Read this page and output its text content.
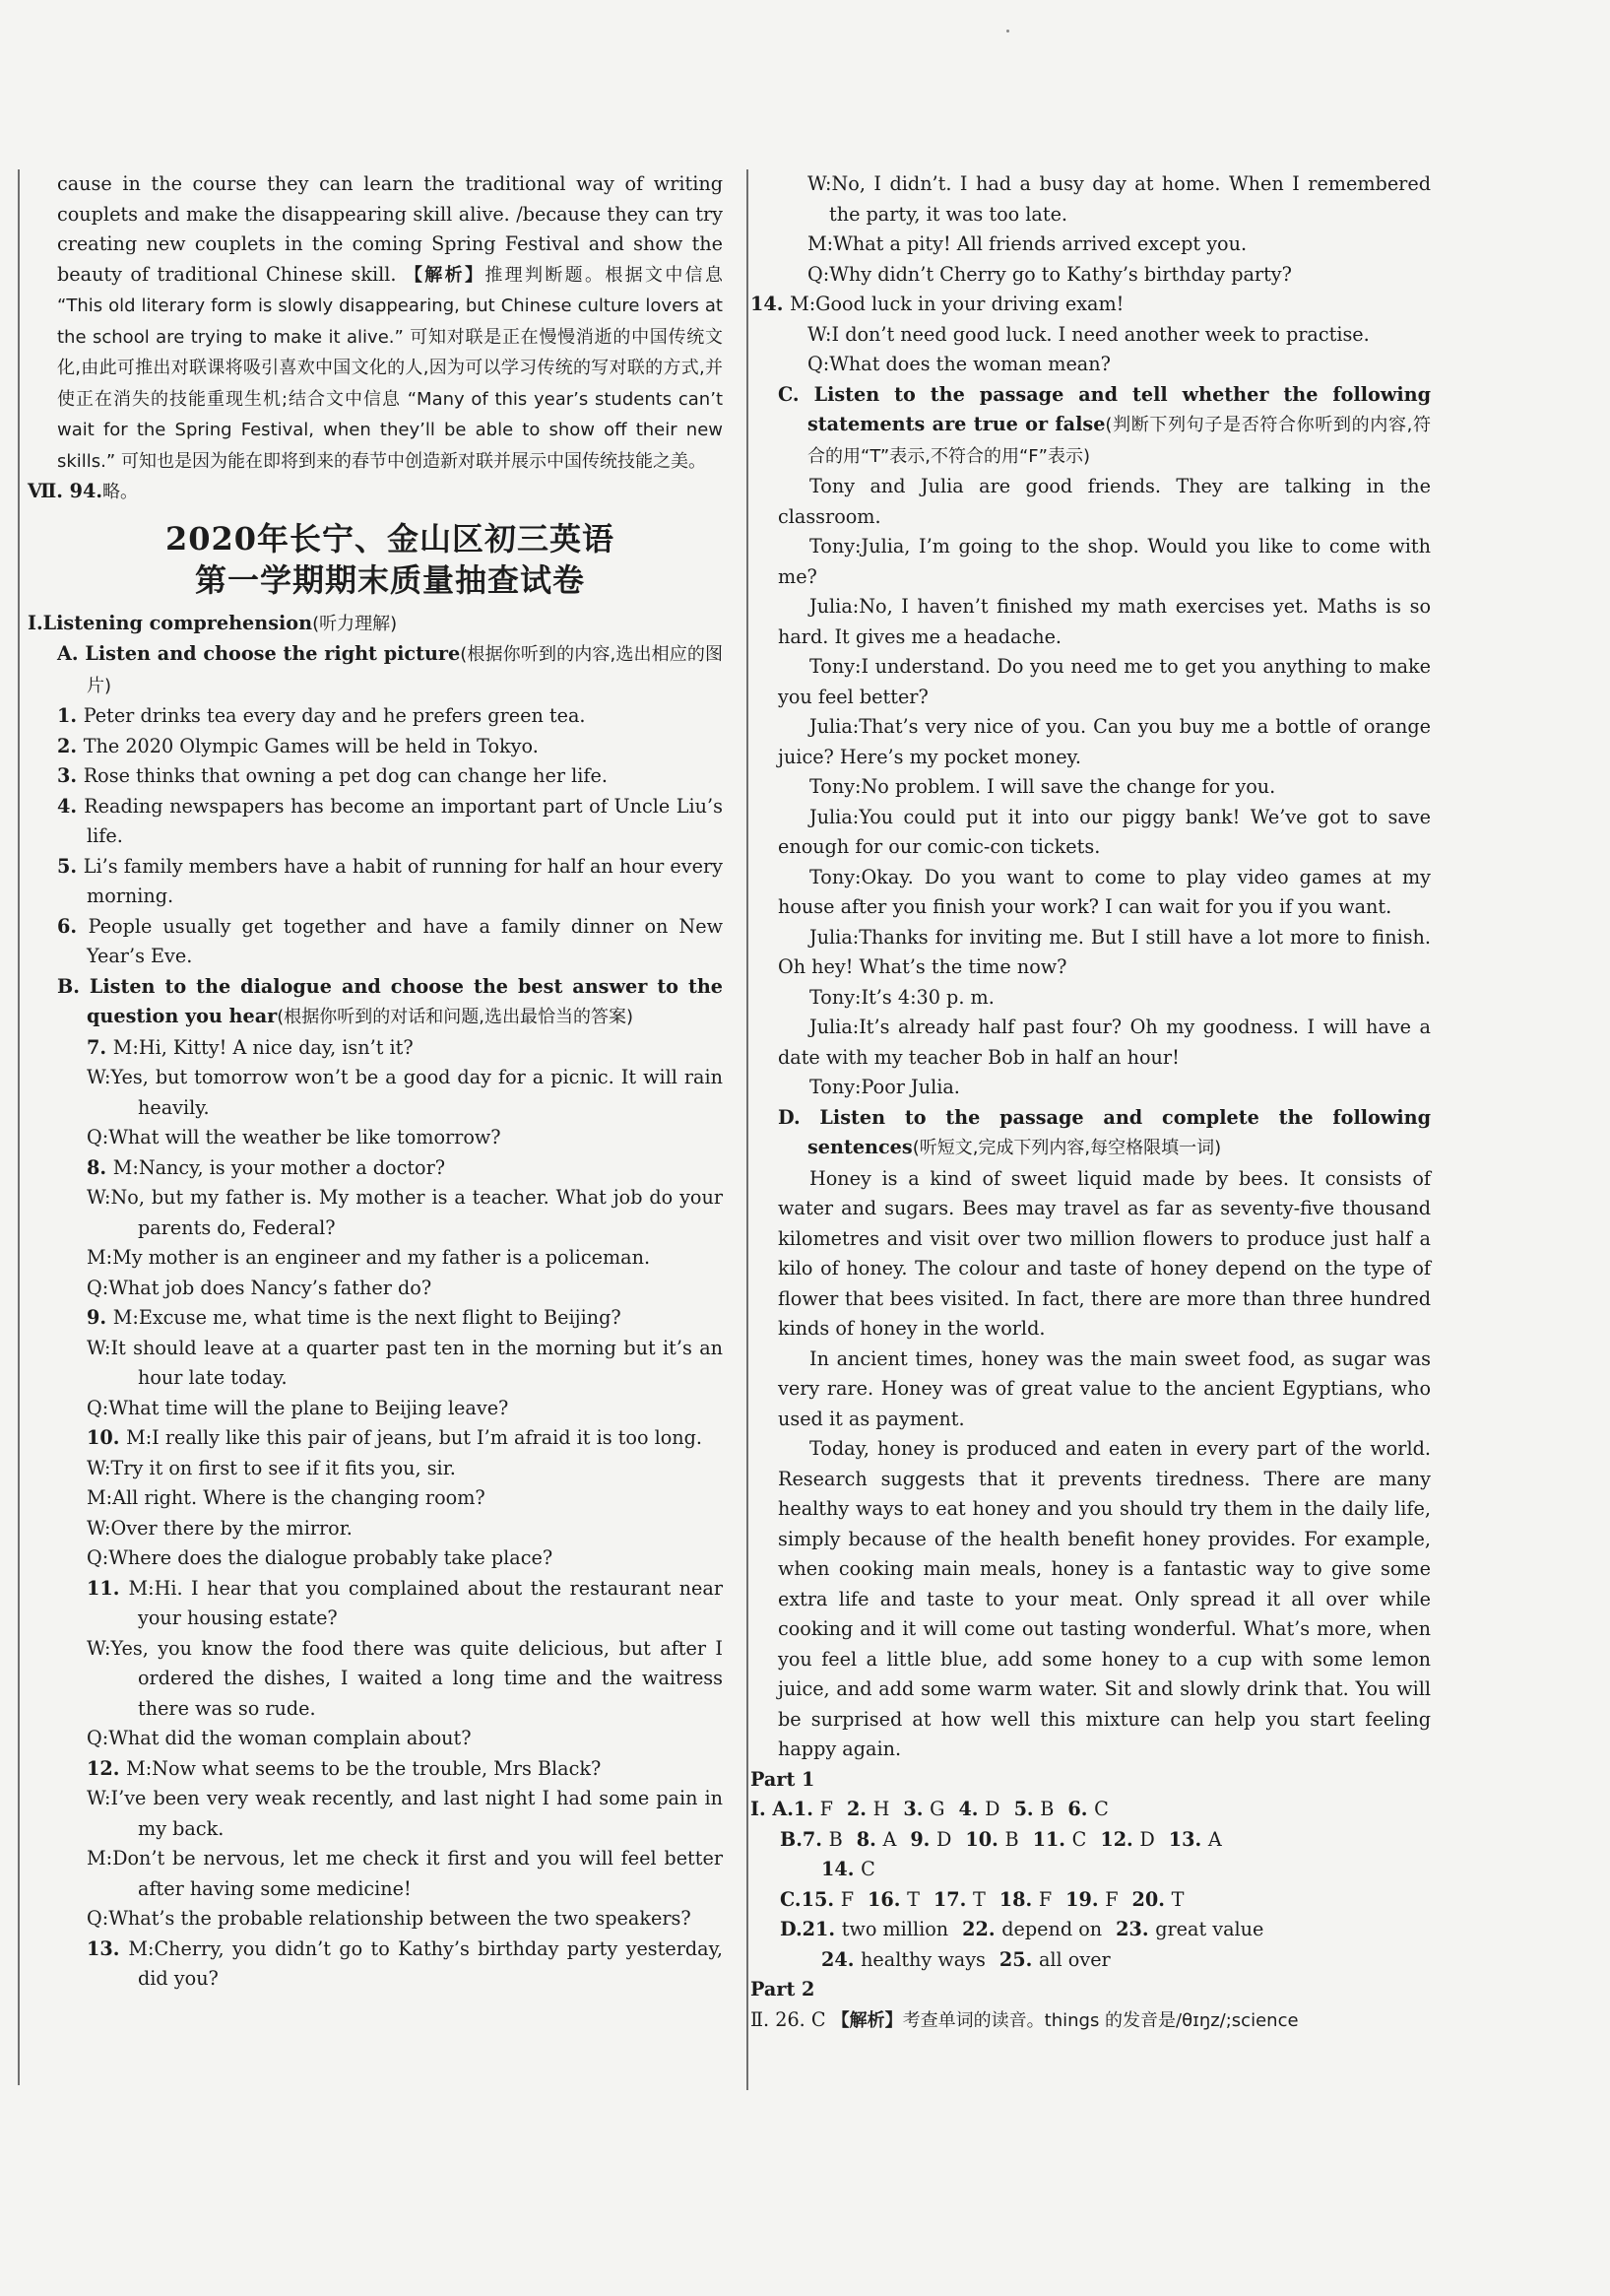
cause in the course they can learn the traditional way of writing couplets and make the disappearing skill alive. /because they can try creating new couplets in the coming Spring Festival and show the beauty of traditional Chinese skill. 【解析】推理判断题。根据文中信息 “This old literary form is slowly disappearing, but Chinese culture lovers at the school are trying to make it alive.” 可知对联是正在慢慢消逝的中国传统文化,由此可推出对联课将吸引喜欢中国文化的人,因为可以学习传统的写对联的方式,并使正在消失的技能重现生机;结合文中信息 “Many of this year’s students can’t wait for the Spring Festival, when they’ll be able to show off their new skills.” 可知也是因为能在即将到来的春节中创造新对联并展示中国传统技能之美。

Ⅶ. 94.略。

2020年长宁、金山区初三英语
第一学期期末质量抽查试卷

Ⅰ.Listening comprehension(听力理解)

A. Listen and choose the right picture(根据你听到的内容,选出相应的图片)

1. Peter drinks tea every day and he prefers green tea.

2. The 2020 Olympic Games will be held in Tokyo.

3. Rose thinks that owning a pet dog can change her life.

4. Reading newspapers has become an important part of Uncle Liu’s life.

5. Li’s family members have a habit of running for half an hour every morning.

6. People usually get together and have a family dinner on New Year’s Eve.

B. Listen to the dialogue and choose the best answer to the question you hear(根据你听到的对话和问题,选出最恰当的答案)

7. M:Hi, Kitty! A nice day, isn’t it?

W:Yes, but tomorrow won’t be a good day for a picnic. It will rain heavily.

Q:What will the weather be like tomorrow?

8. M:Nancy, is your mother a doctor?

W:No, but my father is. My mother is a teacher. What job do your parents do, Federal?

M:My mother is an engineer and my father is a policeman.

Q:What job does Nancy’s father do?

9. M:Excuse me, what time is the next flight to Beijing?

W:It should leave at a quarter past ten in the morning but it’s an hour late today.

Q:What time will the plane to Beijing leave?

10. M:I really like this pair of jeans, but I’m afraid it is too long.

W:Try it on first to see if it fits you, sir.

M:All right. Where is the changing room?

W:Over there by the mirror.

Q:Where does the dialogue probably take place?

11. M:Hi. I hear that you complained about the restaurant near your housing estate?

W:Yes, you know the food there was quite delicious, but after I ordered the dishes, I waited a long time and the waitress there was so rude.

Q:What did the woman complain about?

12. M:Now what seems to be the trouble, Mrs Black?

W:I’ve been very weak recently, and last night I had some pain in my back.

M:Don’t be nervous, let me check it first and you will feel better after having some medicine!

Q:What’s the probable relationship between the two speakers?

13. M:Cherry, you didn’t go to Kathy’s birthday party yesterday, did you?

W:No, I didn’t. I had a busy day at home. When I remembered the party, it was too late.

M:What a pity! All friends arrived except you.

Q:Why didn’t Cherry go to Kathy’s birthday party?

14. M:Good luck in your driving exam!

W:I don’t need good luck. I need another week to practise.

Q:What does the woman mean?

C. Listen to the passage and tell whether the following statements are true or false(判断下列句子是否符合你听到的内容,符合的用“T”表示,不符合的用“F”表示)

Tony and Julia are good friends. They are talking in the classroom.

Tony:Julia, I’m going to the shop. Would you like to come with me?

Julia:No, I haven’t finished my math exercises yet. Maths is so hard. It gives me a headache.

Tony:I understand. Do you need me to get you anything to make you feel better?

Julia:That’s very nice of you. Can you buy me a bottle of orange juice? Here’s my pocket money.

Tony:No problem. I will save the change for you.

Julia:You could put it into our piggy bank! We’ve got to save enough for our comic-con tickets.

Tony:Okay. Do you want to come to play video games at my house after you finish your work? I can wait for you if you want.

Julia:Thanks for inviting me. But I still have a lot more to finish. Oh hey! What’s the time now?

Tony:It’s 4:30 p. m.

Julia:It’s already half past four? Oh my goodness. I will have a date with my teacher Bob in half an hour!

Tony:Poor Julia.

D. Listen to the passage and complete the following sentences(听短文,完成下列内容,每空格限填一词)

Honey is a kind of sweet liquid made by bees. It consists of water and sugars. Bees may travel as far as seventy-five thousand kilometres and visit over two million flowers to produce just half a kilo of honey. The colour and taste of honey depend on the type of flower that bees visited. In fact, there are more than three hundred kinds of honey in the world.

In ancient times, honey was the main sweet food, as sugar was very rare. Honey was of great value to the ancient Egyptians, who used it as payment.

Today, honey is produced and eaten in every part of the world. Research suggests that it prevents tiredness. There are many healthy ways to eat honey and you should try them in the daily life, simply because of the health benefit honey provides. For example, when cooking main meals, honey is a fantastic way to give some extra life and taste to your meat. Only spread it all over while cooking and it will come out tasting wonderful. What’s more, when you feel a little blue, add some honey to a cup with some lemon juice, and add some warm water. Sit and slowly drink that. You will be surprised at how well this mixture can help you start feeling happy again.

Part 1

Ⅰ. A.1. F 2. H 3. G 4. D 5. B 6. C

B.7. B 8. A 9. D 10. B 11. C 12. D 13. A

14. C

C.15. F 16. T 17. T 18. F 19. F 20. T

D.21. two million 22. depend on 23. great value

24. healthy ways 25. all over

Part 2

Ⅱ. 26. C 【解析】考查单词的读音。things 的发音是/θɪŋz/;science
